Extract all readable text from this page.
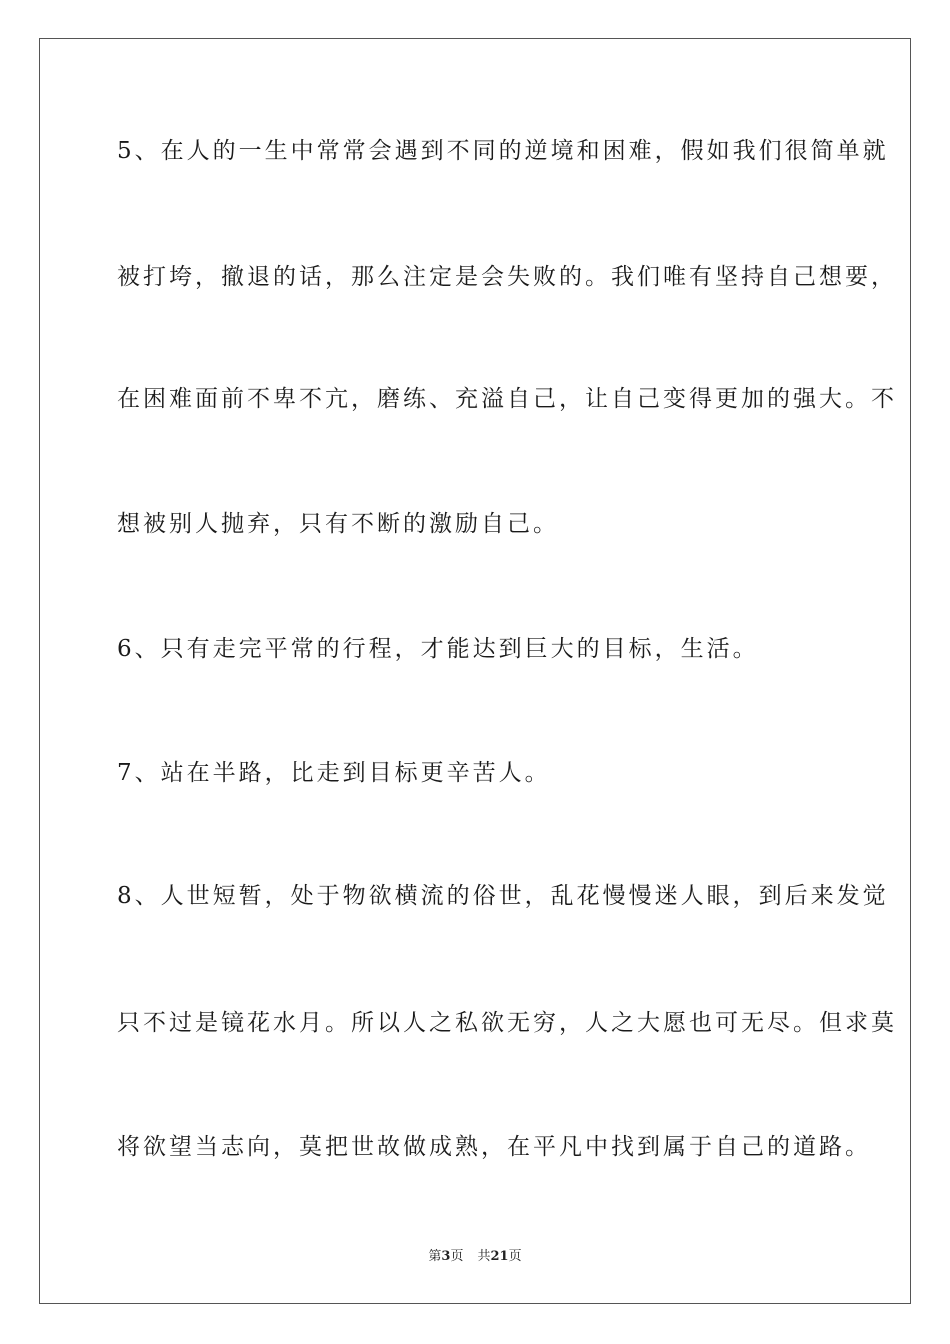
5、在人的一生中常常会遇到不同的逆境和困难，假如我们很简单就
被打垮，撤退的话，那么注定是会失败的。我们唯有坚持自己想要，
在困难面前不卑不亢，磨练、充溢自己，让自己变得更加的强大。不
想被别人抛弃，只有不断的激励自己。
6、只有走完平常的行程，才能达到巨大的目标，生活。
7、站在半路，比走到目标更辛苦人。
8、人世短暂，处于物欲横流的俗世，乱花慢慢迷人眼，到后来发觉
只不过是镜花水月。所以人之私欲无穷，人之大愿也可无尽。但求莫
将欲望当志向，莫把世故做成熟，在平凡中找到属于自己的道路。
第3页 共21页
